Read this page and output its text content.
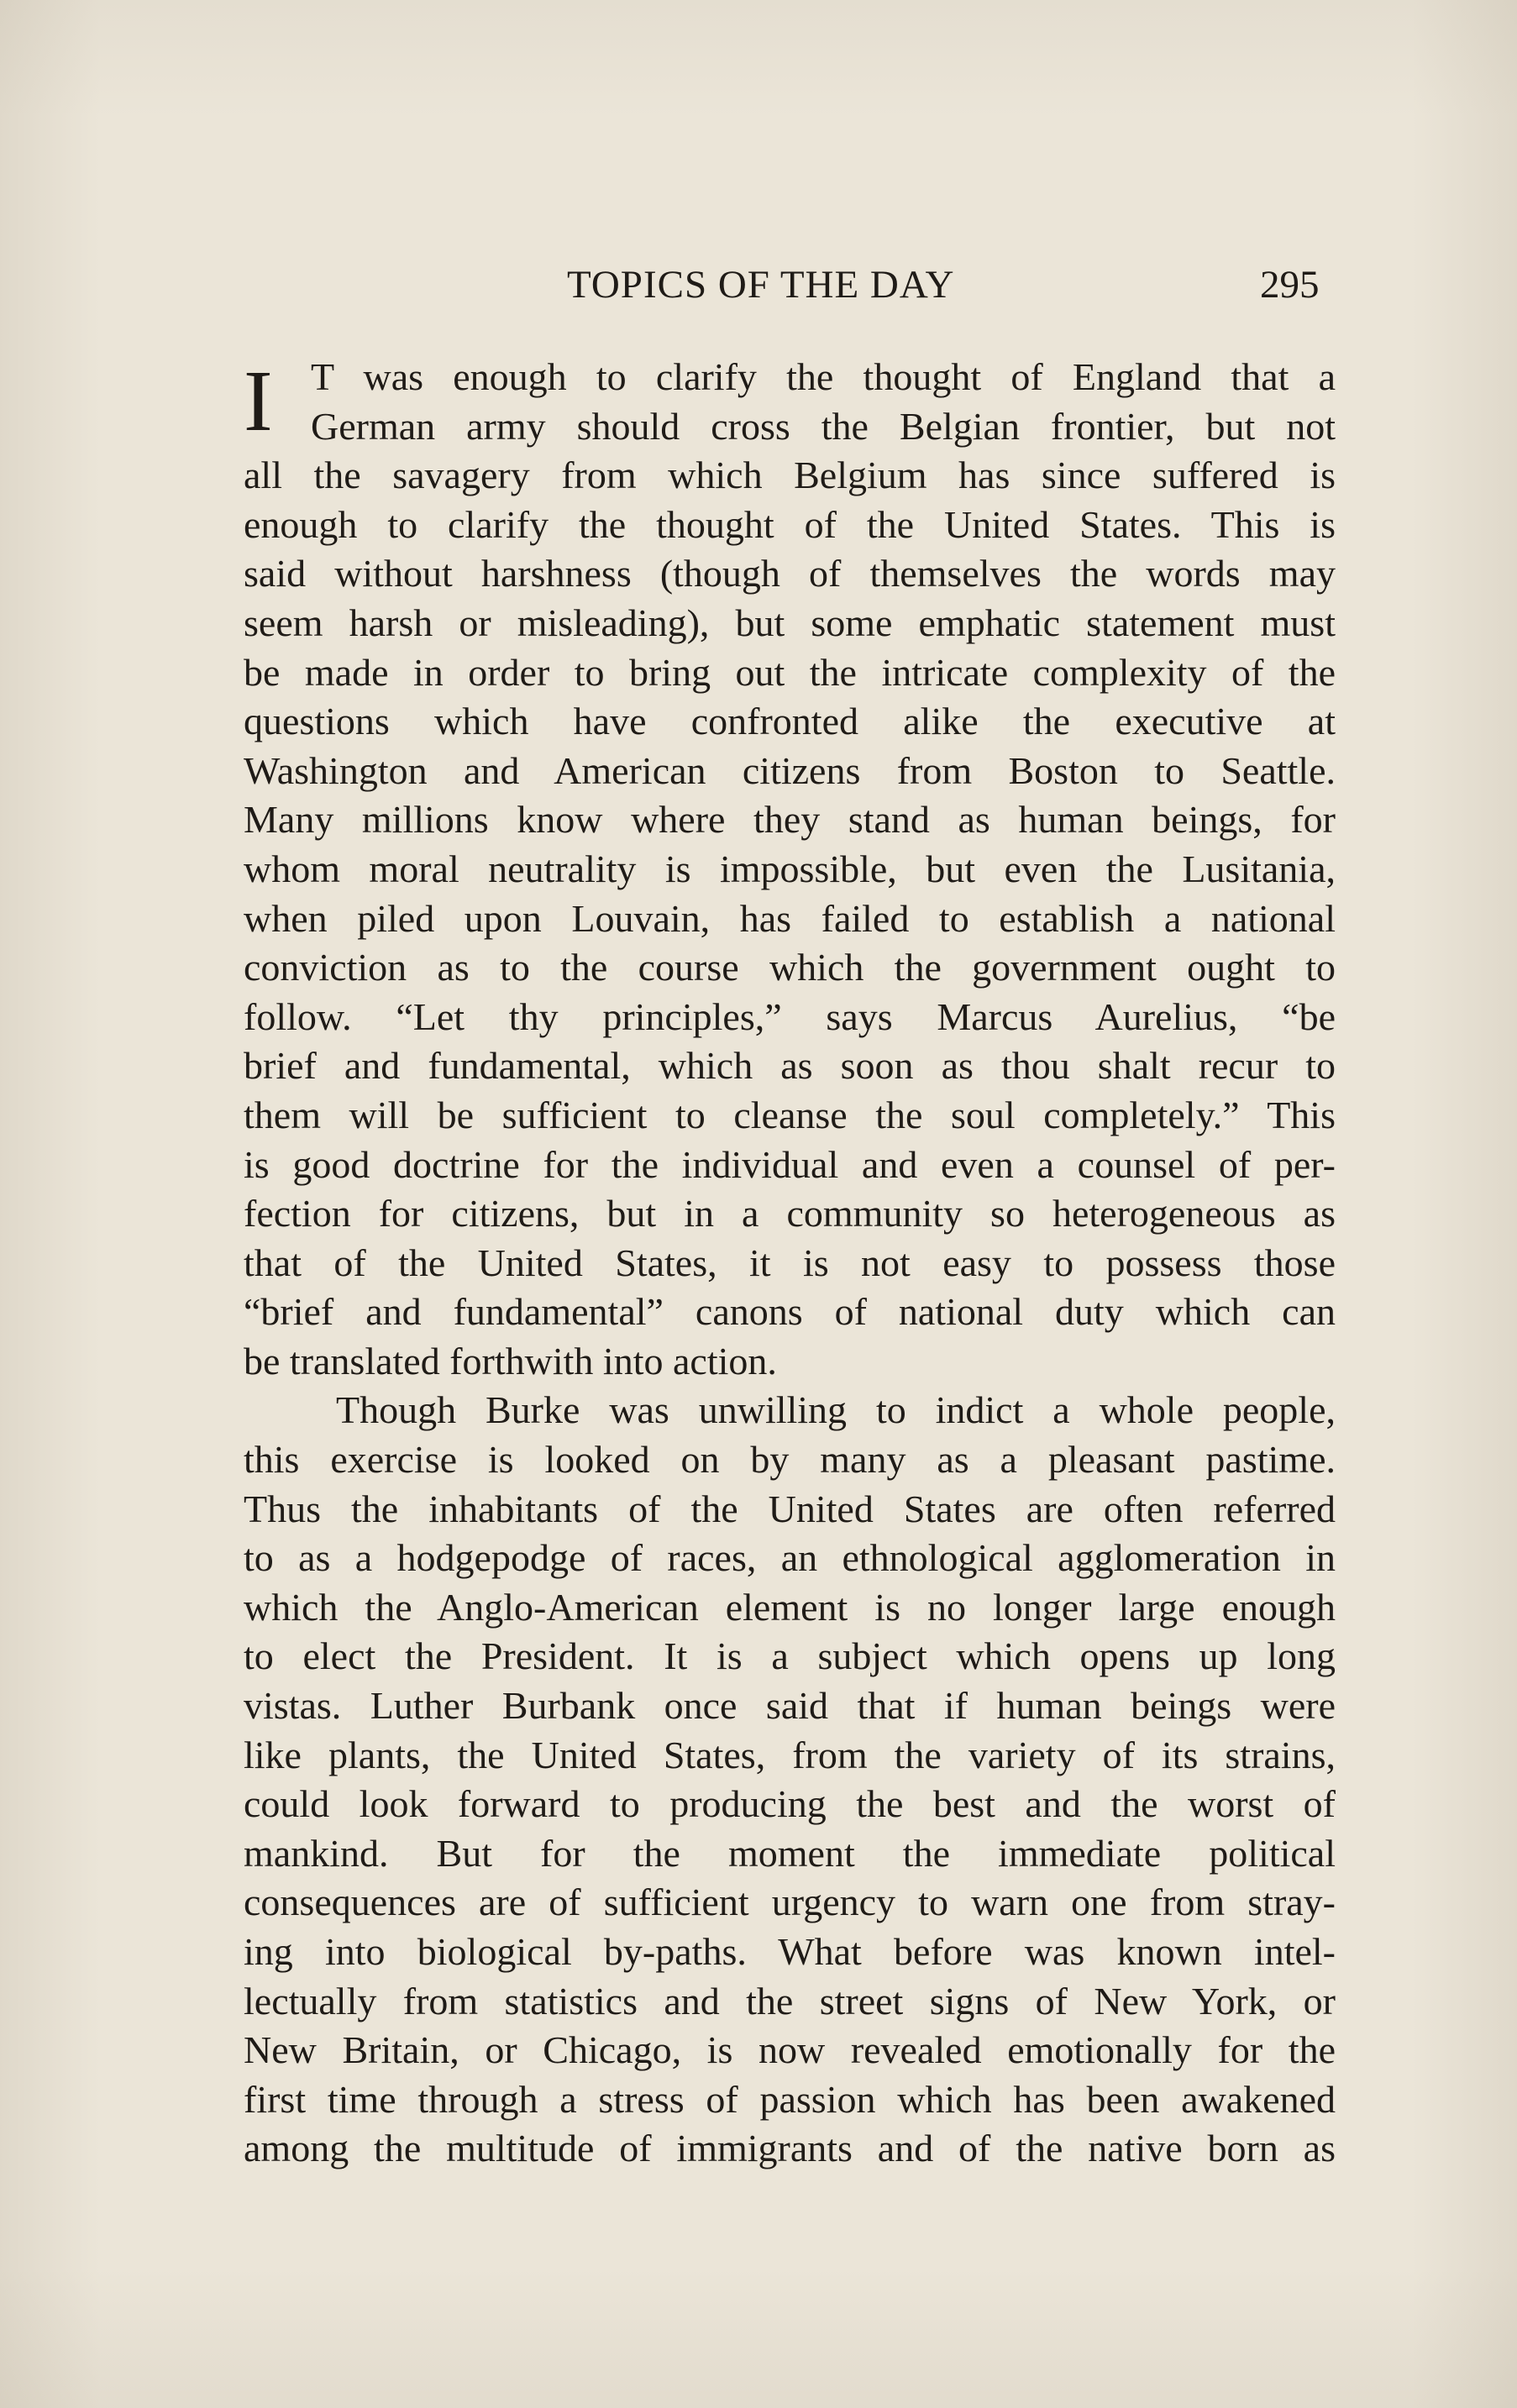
TOPICS OF THE DAY	295
I T was enough to clarify the thought of England that a
German army should cross the Belgian frontier, but not
all the savagery from which Belgium has since suffered is
enough to clarify the thought of the United States. This is
said without harshness (though of themselves the words may
seem harsh or misleading), but some emphatic statement must
be made in order to bring out the intricate complexity of the
questions which have confronted alike the executive at
Washington and American citizens from Boston to Seattle.
Many millions know where they stand as human beings, for
whom moral neutrality is impossible, but even the Lusitania,
when piled upon Louvain, has failed to establish a national
conviction as to the course which the government ought to
follow. “Let thy principles,” says Marcus Aurelius, “be
brief and fundamental, which as soon as thou shalt recur to
them will be sufficient to cleanse the soul completely.” This
is good doctrine for the individual and even a counsel of per-
fection for citizens, but in a community so heterogeneous as
that of the United States, it is not easy to possess those
“brief and fundamental” canons of national duty which can
be translated forthwith into action.
Though Burke was unwilling to indict a whole people,
this exercise is looked on by many as a pleasant pastime.
Thus the inhabitants of the United States are often referred
to as a hodgepodge of races, an ethnological agglomeration in
which the Anglo-American element is no longer large enough
to elect the President. It is a subject which opens up long
vistas. Luther Burbank once said that if human beings were
like plants, the United States, from the variety of its strains,
could look forward to producing the best and the worst of
mankind. But for the moment the immediate political
consequences are of sufficient urgency to warn one from stray-
ing into biological by-paths. What before was known intel-
lectually from statistics and the street signs of New York, or
New Britain, or Chicago, is now revealed emotionally for the
first time through a stress of passion which has been awakened
among the multitude of immigrants and of the native born as
